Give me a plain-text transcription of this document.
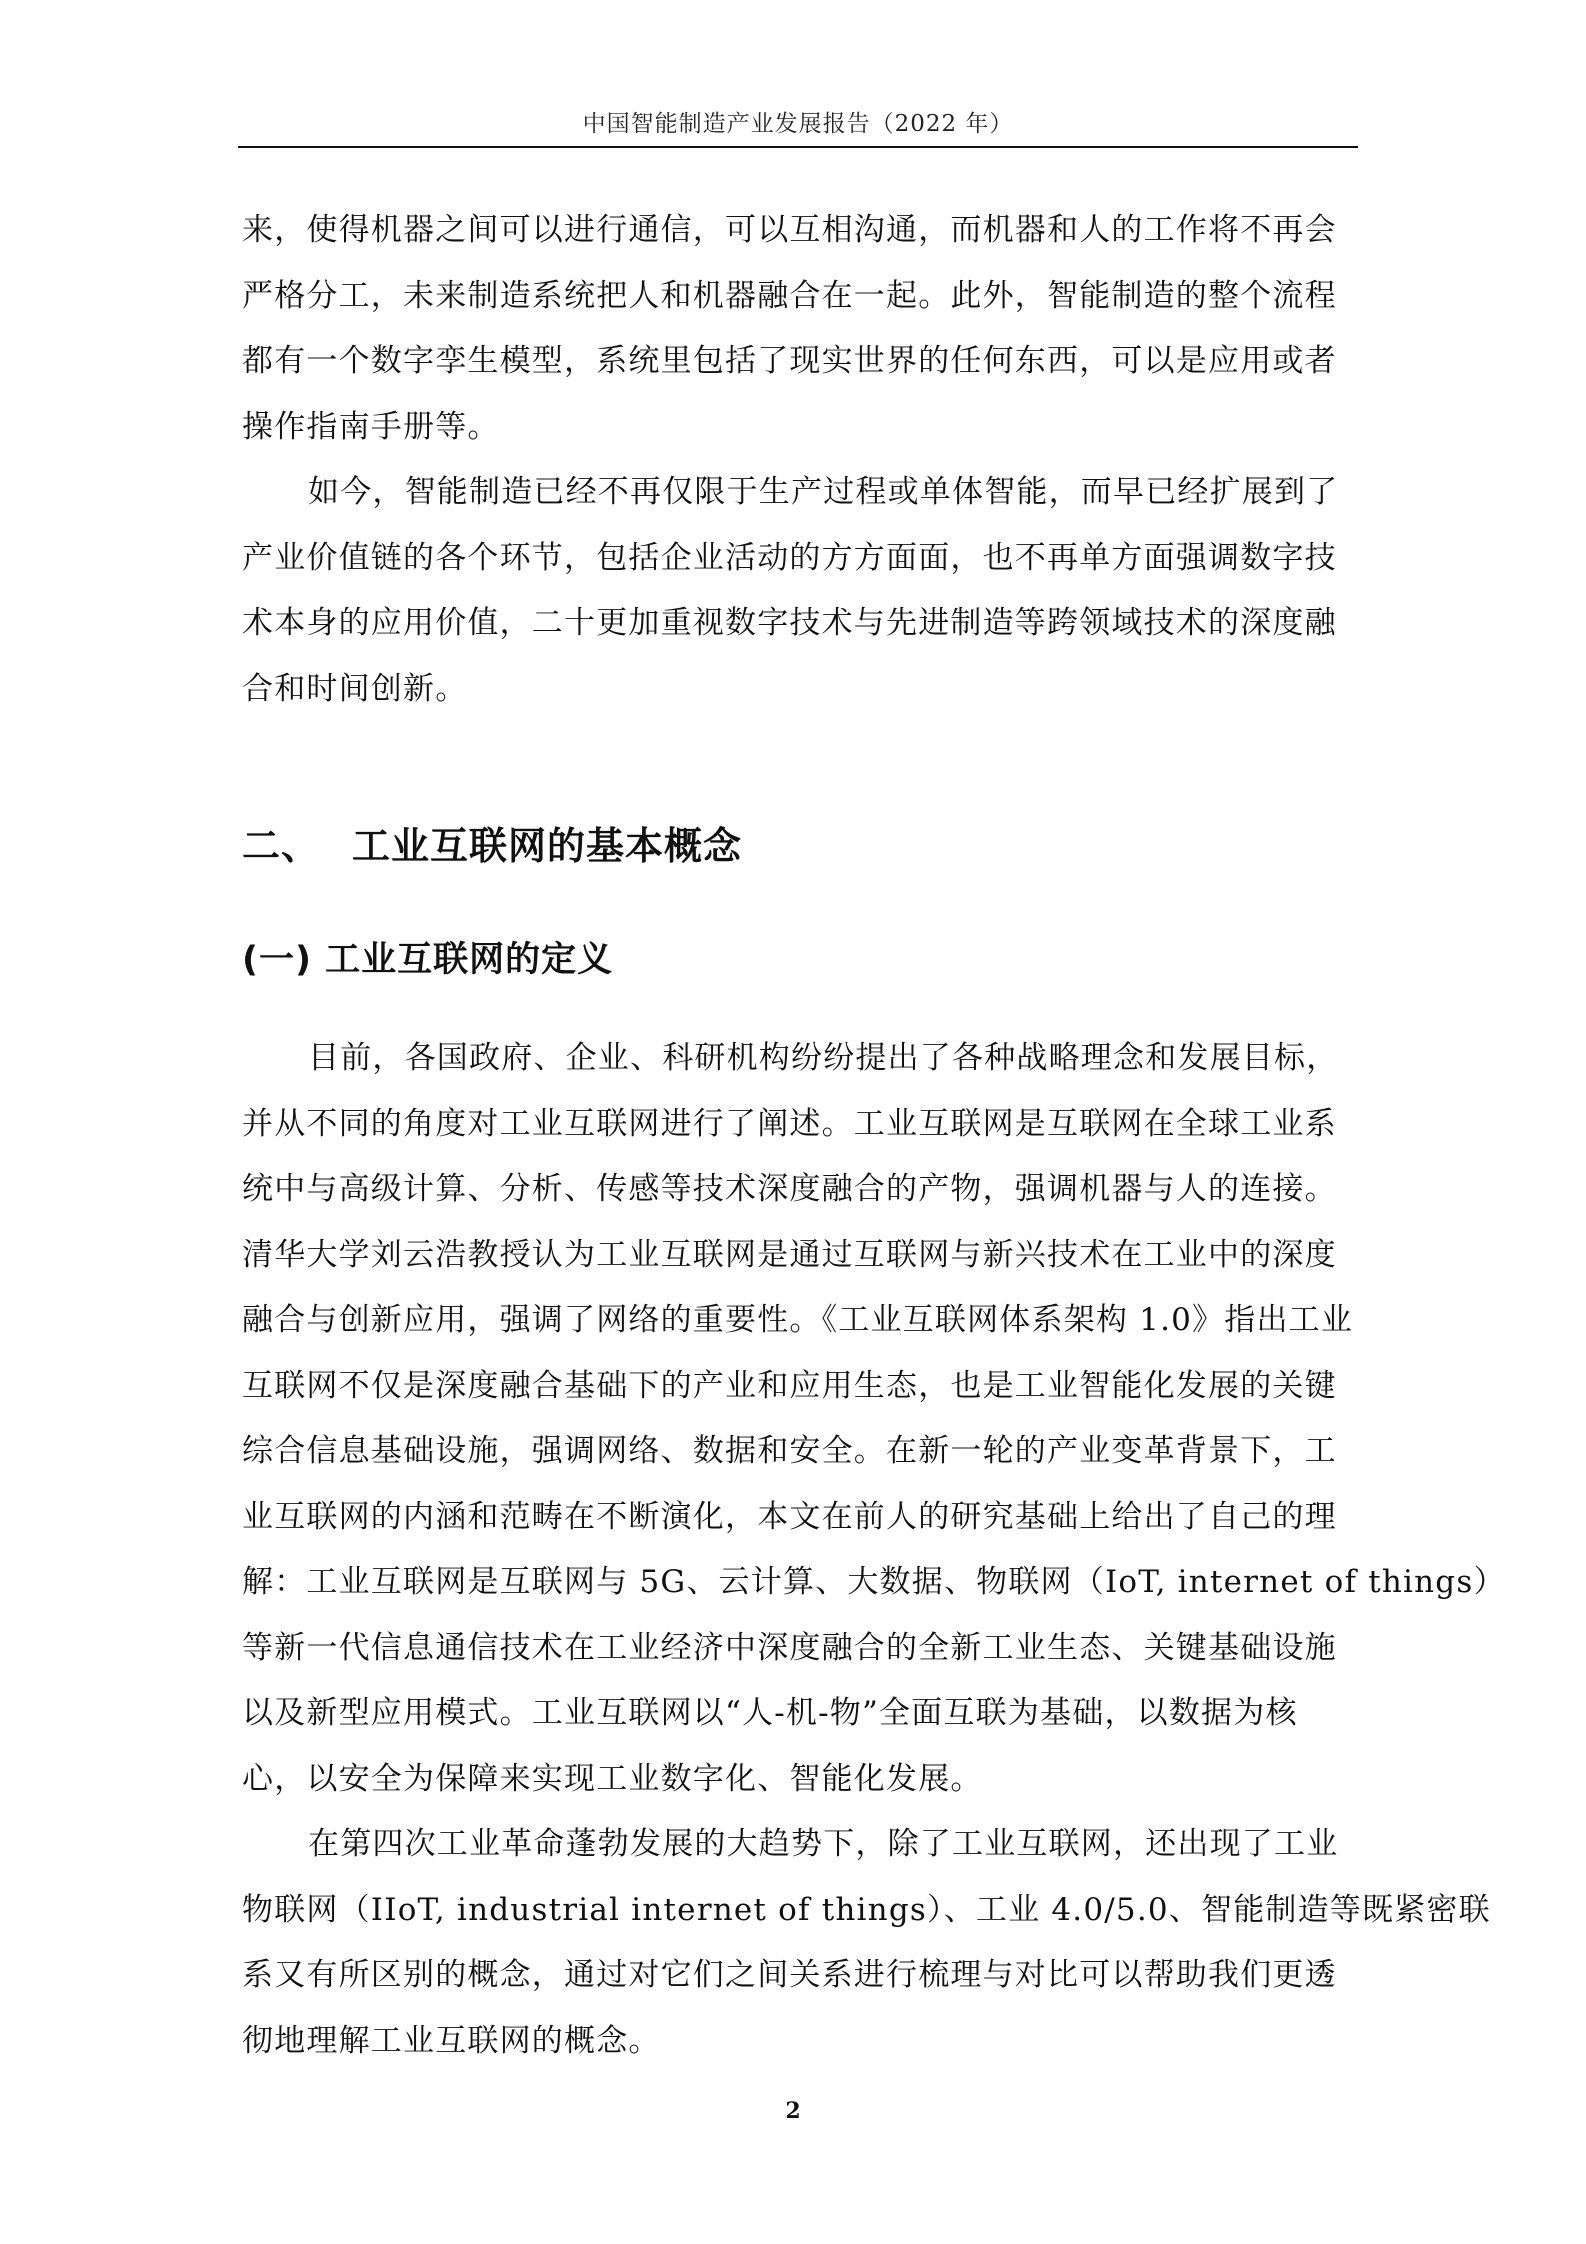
中国智能制造产业发展报告（2022 年）
来，使得机器之间可以进行通信，可以互相沟通，而机器和人的工作将不再会
严格分工，未来制造系统把人和机器融合在一起。此外，智能制造的整个流程
都有一个数字孪生模型，系统里包括了现实世界的任何东西，可以是应用或者
操作指南手册等。
如今，智能制造已经不再仅限于生产过程或单体智能，而早已经扩展到了
产业价值链的各个环节，包括企业活动的方方面面，也不再单方面强调数字技
术本身的应用价值，二十更加重视数字技术与先进制造等跨领域技术的深度融
合和时间创新。
二、 工业互联网的基本概念
(一) 工业互联网的定义
目前，各国政府、企业、科研机构纷纷提出了各种战略理念和发展目标，
并从不同的角度对工业互联网进行了阐述。工业互联网是互联网在全球工业系
统中与高级计算、分析、传感等技术深度融合的产物，强调机器与人的连接。
清华大学刘云浩教授认为工业互联网是通过互联网与新兴技术在工业中的深度
融合与创新应用，强调了网络的重要性。《工业互联网体系架构 1.0》指出工业
互联网不仅是深度融合基础下的产业和应用生态，也是工业智能化发展的关键
综合信息基础设施，强调网络、数据和安全。在新一轮的产业变革背景下，工
业互联网的内涵和范畴在不断演化，本文在前人的研究基础上给出了自己的理
解：工业互联网是互联网与 5G、云计算、大数据、物联网（IoT, internet of things）
等新一代信息通信技术在工业经济中深度融合的全新工业生态、关键基础设施
以及新型应用模式。工业互联网以“人-机-物”全面互联为基础，以数据为核
心，以安全为保障来实现工业数字化、智能化发展。
在第四次工业革命蓬勃发展的大趋势下，除了工业互联网，还出现了工业
物联网（IIoT, industrial internet of things）、工业 4.0/5.0、智能制造等既紧密联
系又有所区别的概念，通过对它们之间关系进行梳理与对比可以帮助我们更透
彻地理解工业互联网的概念。
2
